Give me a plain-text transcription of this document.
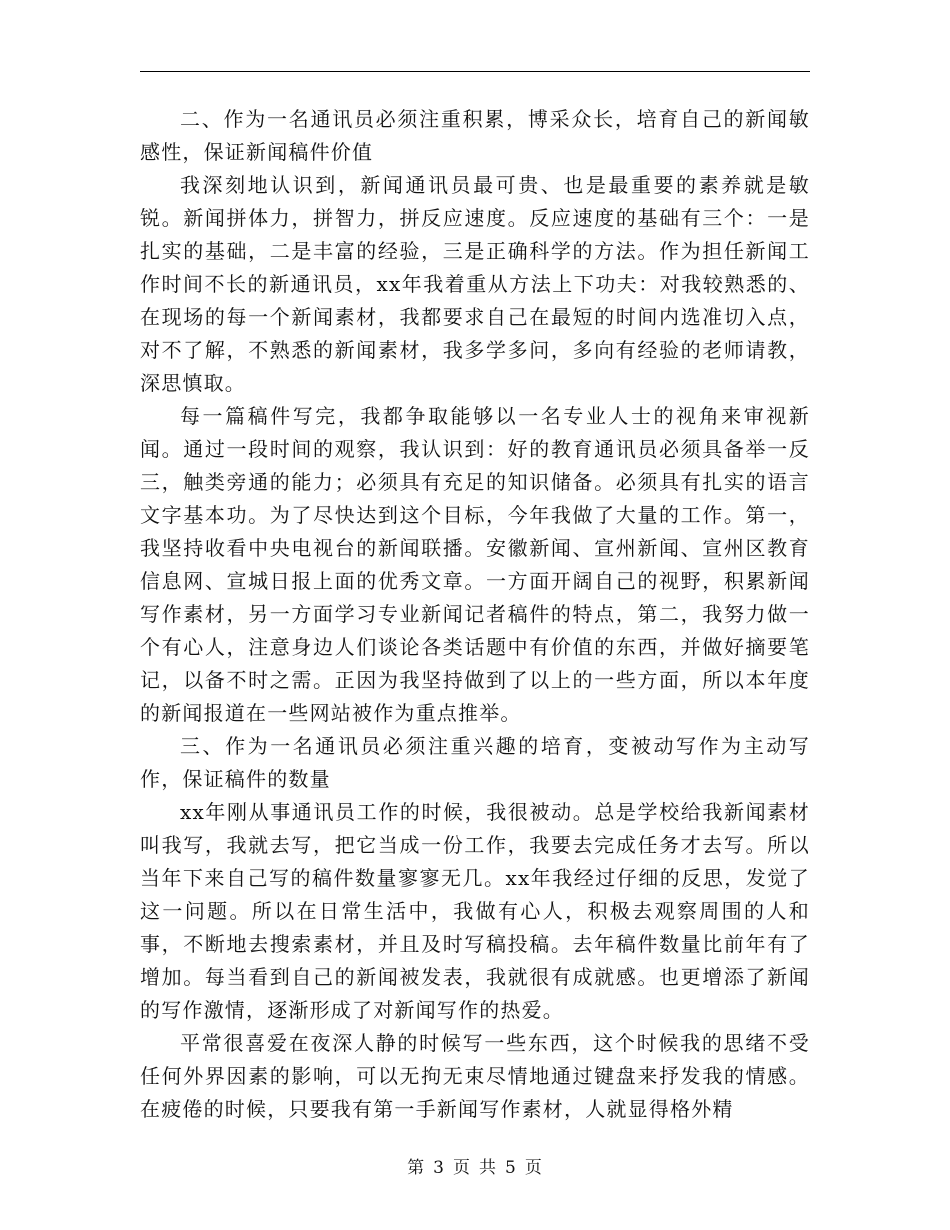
二、作为一名通讯员必须注重积累，博采众长，培育自己的新闻敏感性，保证新闻稿件价值

我深刻地认识到，新闻通讯员最可贵、也是最重要的素养就是敏锐。新闻拼体力，拼智力，拼反应速度。反应速度的基础有三个：一是扎实的基础，二是丰富的经验，三是正确科学的方法。作为担任新闻工作时间不长的新通讯员，xx年我着重从方法上下功夫：对我较熟悉的、在现场的每一个新闻素材，我都要求自己在最短的时间内选准切入点，对不了解，不熟悉的新闻素材，我多学多问，多向有经验的老师请教，深思慎取。

每一篇稿件写完，我都争取能够以一名专业人士的视角来审视新闻。通过一段时间的观察，我认识到：好的教育通讯员必须具备举一反三，触类旁通的能力；必须具有充足的知识储备。必须具有扎实的语言文字基本功。为了尽快达到这个目标，今年我做了大量的工作。第一，我坚持收看中央电视台的新闻联播。安徽新闻、宣州新闻、宣州区教育信息网、宣城日报上面的优秀文章。一方面开阔自己的视野，积累新闻写作素材，另一方面学习专业新闻记者稿件的特点，第二，我努力做一个有心人，注意身边人们谈论各类话题中有价值的东西，并做好摘要笔记，以备不时之需。正因为我坚持做到了以上的一些方面，所以本年度的新闻报道在一些网站被作为重点推举。

三、作为一名通讯员必须注重兴趣的培育，变被动写作为主动写作，保证稿件的数量

xx年刚从事通讯员工作的时候，我很被动。总是学校给我新闻素材叫我写，我就去写，把它当成一份工作，我要去完成任务才去写。所以当年下来自己写的稿件数量寥寥无几。xx年我经过仔细的反思，发觉了这一问题。所以在日常生活中，我做有心人，积极去观察周围的人和事，不断地去搜索素材，并且及时写稿投稿。去年稿件数量比前年有了增加。每当看到自己的新闻被发表，我就很有成就感。也更增添了新闻的写作激情，逐渐形成了对新闻写作的热爱。

平常很喜爱在夜深人静的时候写一些东西，这个时候我的思绪不受任何外界因素的影响，可以无拘无束尽情地通过键盘来抒发我的情感。在疲倦的时候，只要我有第一手新闻写作素材，人就显得格外精

第 3 页 共 5 页
